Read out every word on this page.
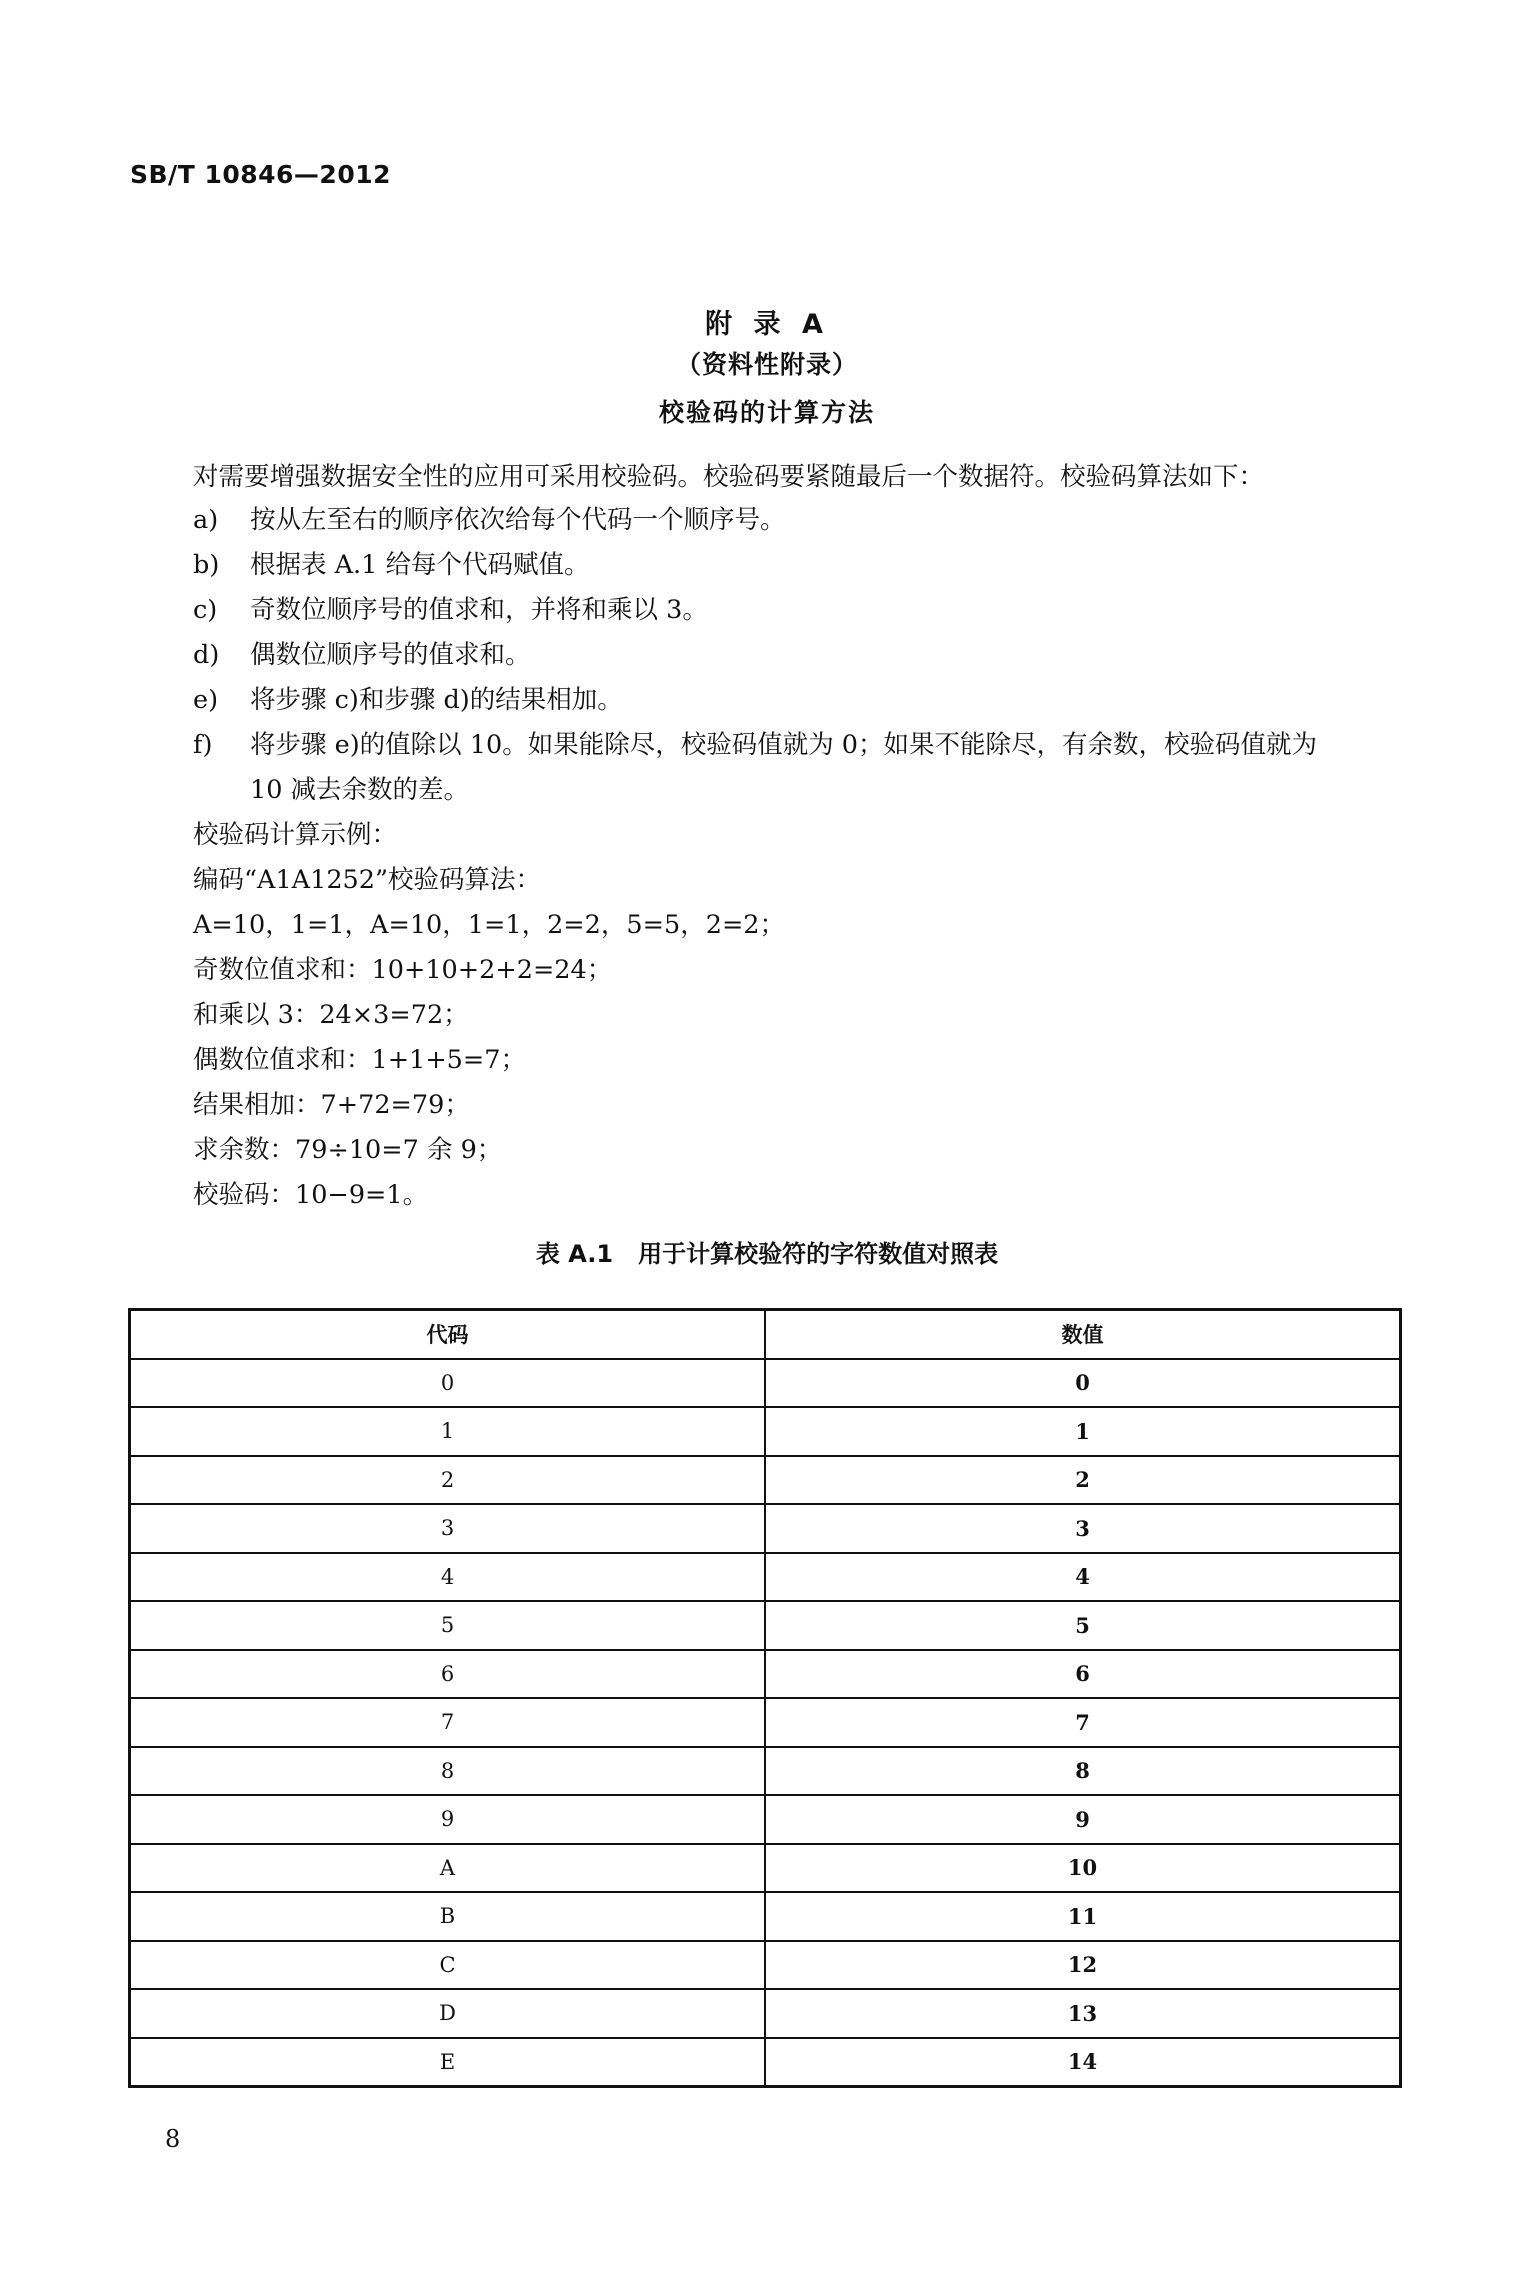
SB/T 10846—2012
附 录 A
（资料性附录）
校验码的计算方法
对需要增强数据安全性的应用可采用校验码。校验码要紧随最后一个数据符。校验码算法如下：
a) 按从左至右的顺序依次给每个代码一个顺序号。
b) 根据表 A.1 给每个代码赋值。
c) 奇数位顺序号的值求和，并将和乘以 3。
d) 偶数位顺序号的值求和。
e) 将步骤 c)和步骤 d)的结果相加。
f) 将步骤 e)的值除以 10。如果能除尽，校验码值就为 0；如果不能除尽，有余数，校验码值就为
10 减去余数的差。
校验码计算示例：
编码“A1A1252”校验码算法：
A=10，1=1，A=10，1=1，2=2，5=5，2=2；
奇数位值求和：10+10+2+2=24；
和乘以 3：24×3=72；
偶数位值求和：1+1+5=7；
结果相加：7+72=79；
求余数：79÷10=7 余 9；
校验码：10−9=1。
表 A.1   用于计算校验符的字符数值对照表
代码	数值
0	0
1	1
2	2
3	3
4	4
5	5
6	6
7	7
8	8
9	9
A	10
B	11
C	12
D	13
E	14
8
